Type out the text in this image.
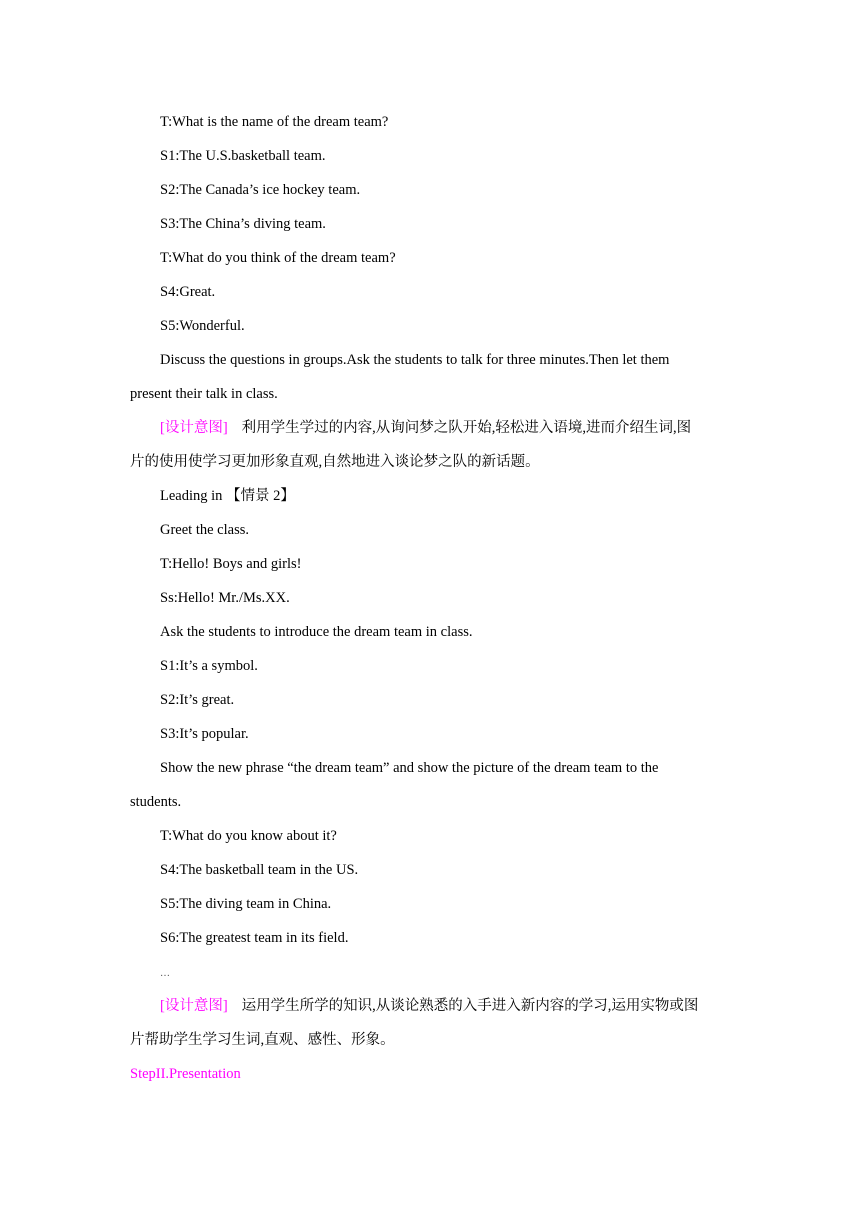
T:What is the name of the dream team?
S1:The U.S.basketball team.
S2:The Canada’s ice hockey team.
S3:The China’s diving team.
T:What do you think of the dream team?
S4:Great.
S5:Wonderful.
Discuss the questions in groups.Ask the students to talk for three minutes.Then let them
present their talk in class.
[设计意图] 利用学生学过的内容,从询问梦之队开始,轻松进入语境,进而介绍生词,图
片的使用使学习更加形象直观,自然地进入谈论梦之队的新话题。
Leading in 【情景 2】
Greet the class.
T:Hello! Boys and girls!
Ss:Hello! Mr./Ms.XX.
Ask the students to introduce the dream team in class.
S1:It’s a symbol.
S2:It’s great.
S3:It’s popular.
Show the new phrase “the dream team” and show the picture of the dream team to the
students.
T:What do you know about it?
S4:The basketball team in the US.
S5:The diving team in China.
S6:The greatest team in its field.
…
[设计意图] 运用学生所学的知识,从谈论熟悉的入手进入新内容的学习,运用实物或图
片帮助学生学习生词,直观、感性、形象。
StepII.Presentation
